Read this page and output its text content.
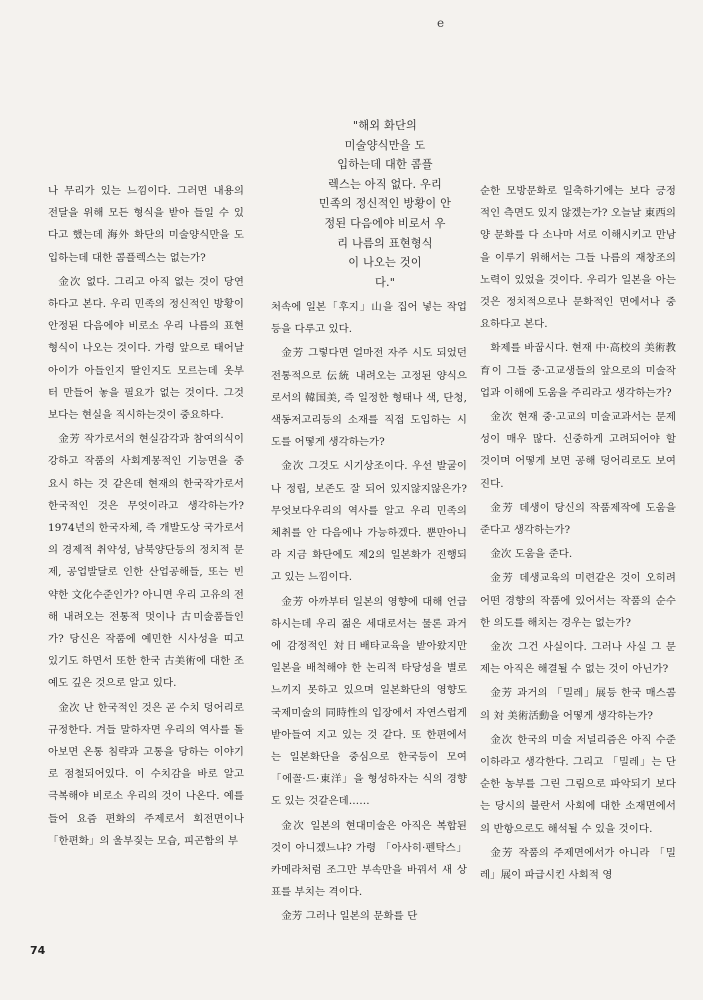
e
"해외 화단의
미술양식만을 도
입하는데 대한 콤플
렉스는 아직 없다. 우리
민족의 정신적인 방황이 안
정된 다음에야 비로서 우
리 나름의 표현형식
이 나오는 것이
다."

나 무리가 있는 느낌이다. 그러면 내용의 전달을 위해 모든 형식을 받아 들일 수 있다고 했는데 海外 화단의 미술양식만을 도입하는데 대한 콤플렉스는 없는가?

金次 없다. 그리고 아직 없는 것이 당연하다고 본다. 우리 민족의 정신적인 방황이 안정된 다음에야 비로소 우리 나름의 표현형식이 나오는 것이다. 가령 앞으로 태어날 아이가 아들인지 딸인지도 모르는데 옷부터 만들어 놓을 필요가 없는 것이다. 그것보다는 현실을 직시하는것이 중요하다.

金芳 작가로서의 현실감각과 참여의식이 강하고 작품의 사회계몽적인 기능면을 중요시 하는 것 같은데 현재의 한국작가로서 한국적인 것은 무엇이라고 생각하는가? 1974년의 한국자체, 즉 개발도상 국가로서의 경제적 취약성, 남북양단등의 정치적 문제, 공업발달로 인한 산업공해들, 또는 빈약한 文化수준인가? 아니면 우리 고유의 전해 내려오는 전통적 멋이나 古미술품들인가? 당신은 작품에 예민한 시사성을 띠고 있기도 하면서 또한 한국 古美術에 대한 조예도 깊은 것으로 알고 있다.

金次 난 한국적인 것은 곧 수치 덩어리로 규정한다. 겨들 말하자면 우리의 역사를 돌아보면 온통 침략과 고통을 당하는 이야기로 점철되어있다. 이 수치감을 바로 알고 극복해야 비로소 우리의 것이 나온다. 예를 들어 요즘 편화의 주제로서 회전면이나 「한편화」의 울부짖는 모습, 피곤함의 부

처속에 일본「후지」山을 집어 넣는 작업등을 다루고 있다.

金芳 그렇다면 얼마전 자주 시도 되었던 전통적으로 伝統 내려오는 고정된 양식으로서의 韓国美, 즉 일정한 형태나 색, 단청, 색동저고리등의 소재를 직접 도입하는 시도를 어떻게 생각하는가?

金次 그것도 시기상조이다. 우선 발굴이나 정립, 보존도 잘 되어 있지않지않은가? 무엇보다우리의 역사를 알고 우리 민족의 체취를 안 다음에나 가능하겠다. 뿐만아니라 지금 화단에도 제2의 일본화가 진행되고 있는 느낌이다.

金芳 아까부터 일본의 영향에 대해 언급하시는데 우리 젊은 세대로서는 물론 과거에 감정적인 対日배타교육을 받아왔지만 일본을 배척해야 한 논리적 타당성을 별로 느끼지 못하고 있으며 일본화단의 영향도 국제미술의 同時性의 입장에서 자연스럽게 받아들여 지고 있는 것 같다. 또 한편에서는 일본화단을 중심으로 한국등이 모여 「에꼴·드·東洋」을 형성하자는 식의 경향도 있는 것같은데……

金次 일본의 현대미술은 아직은 복합된 것이 아니겠느냐? 가령 「아사히·펜탁스」 카메라처럼 조그만 부속만을 바꿔서 새 상표를 부치는 격이다.

金芳 그러나 일본의 문화를 단

순한 모방문화로 일축하기에는 보다 긍정적인 측면도 있지 않겠는가? 오늘날 東西의 양 문화를 다 소나마 서로 이해시키고 만남을 이루기 위해서는 그들 나름의 재창조의 노력이 있었을 것이다. 우리가 일본을 아는 것은 정치적으로나 문화적인 면에서나 중요하다고 본다.

화제를 바꿉시다. 현재 中·高校의 美術教育이 그들 중·고교생들의 앞으로의 미술작업과 이해에 도움을 주리라고 생각하는가?

金次 현재 중·고교의 미술교과서는 문제성이 매우 많다. 신중하게 고려되어야 할 것이며 어떻게 보면 공해 덩어리로도 보여진다.

金芳 데생이 당신의 작품제작에 도움을 준다고 생각하는가?

金次 도움을 준다.

金芳 데생교육의 미련같은 것이 오히려 어떤 경향의 작품에 있어서는 작품의 순수한 의도를 해치는 경우는 없는가?

金次 그건 사실이다. 그러나 사실 그 문제는 아직은 해결될 수 없는 것이 아닌가?

金芳 과거의 「밀레」展등 한국 매스콤의 対 美術活動을 어떻게 생각하는가?

金次 한국의 미술 저널리즘은 아직 수준 이하라고 생각한다. 그리고 「밀레」는 단순한 농부를 그린 그림으로 파악되기 보다는 당시의 불란서 사회에 대한 소재면에서의 반항으로도 해석될 수 있을 것이다.

金芳 작품의 주제면에서가 아니라 「밀레」展이 파급시킨 사회적 영

74
